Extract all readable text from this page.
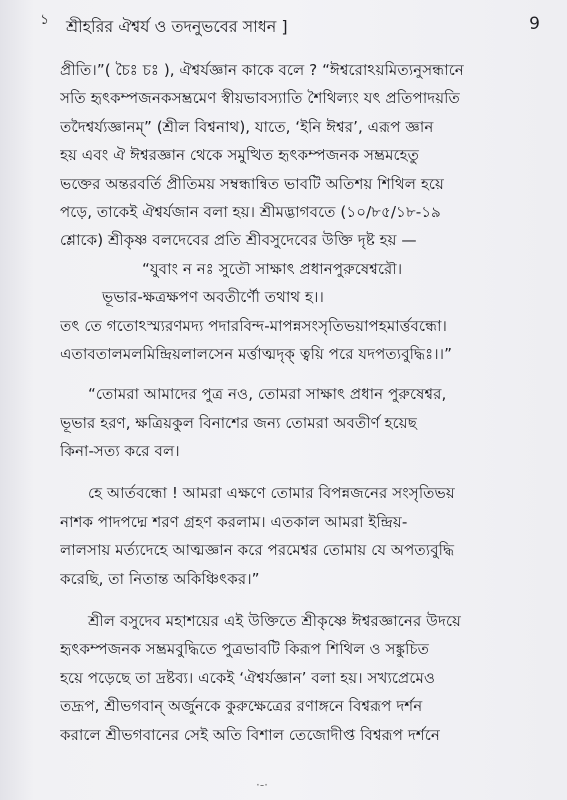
১ শ্রীহরির ঐশ্বর্য ও তদনুভবের সাধন ]	9
প্রীতি।”( চৈঃ চঃ ), ঐশ্বর্যজ্ঞান কাকে বলে ? “ঈশ্বরোঽয়মিত্যনুসন্ধানে
সতি হৃৎকম্পজনকসম্ভ্রমেণ স্বীয়ভাবস্যাতি শৈথিল্যং যৎ প্রতিপাদয়তি
তদৈশ্বর্য্যজ্ঞানম্” (শ্রীল বিশ্বনাথ), যাতে, ‘ইনি ঈশ্বর’, এরূপ জ্ঞান
হয় এবং ঐ ঈশ্বরজ্ঞান থেকে সমুত্থিত হৃৎকম্পজনক সম্ভ্রমহেতু
ভক্তের অন্তরবর্তি প্রীতিময় সম্বন্ধান্বিত ভাবটি অতিশয় শিথিল হয়ে
পড়ে, তাকেই ঐশ্বর্যজান বলা হয়। শ্রীমদ্ভাগবতে (১০/৮৫/১৮-১৯
শ্লোকে) শ্রীকৃষ্ণ বলদেবের প্রতি শ্রীবসুদেবের উক্তি দৃষ্ট হয় —
“যুবাং ন নঃ সুতৌ সাক্ষাৎ প্রধানপুরুষেশ্বরৌ।
ভূভার-ক্ষত্রক্ষপণ অবতীর্ণৌ তথাথ হ।।
তৎ তে গতোঽস্ম্যরণমদ্য পদারবিন্দ-মাপন্নসংসৃতিভয়াপহমার্ত্তবন্ধো।
এতাবতালমলমিন্দ্রিয়লালসেন মর্ত্তাত্মদৃক্ ত্বয়ি পরে যদপত্যবুদ্ধিঃ।।”
“তোমরা আমাদের পুত্র নও, তোমরা সাক্ষাৎ প্রধান পুরুষেশ্বর,
ভূভার হরণ, ক্ষত্রিয়কুল বিনাশের জন্য তোমরা অবতীর্ণ হয়েছ
কিনা-সত্য করে বল।
হে আর্তবন্ধো ! আমরা এক্ষণে তোমার বিপন্নজনের সংসৃতিভয়
নাশক পাদপদ্মে শরণ গ্রহণ করলাম। এতকাল আমরা ইন্দ্রিয়-
লালসায় মর্ত্যদেহে আত্মজ্ঞান করে পরমেশ্বর তোমায় যে অপত্যবুদ্ধি
করেছি, তা নিতান্ত অকিঞ্চিৎকর।”
শ্রীল বসুদেব মহাশয়ের এই উক্তিতে শ্রীকৃষ্ণে ঈশ্বরজ্ঞানের উদয়ে
হৃৎকম্পজনক সম্ভ্রমবুদ্ধিতে পুত্রভাবটি কিরূপ শিথিল ও সঙ্কুচিত
হয়ে পড়েছে তা দ্রষ্টব্য। একেই ‘ঐশ্বর্যজ্ঞান’ বলা হয়। সখ্যপ্রেমেও
তদ্রূপ, শ্রীভগবান্ অর্জুনকে কুরুক্ষেত্রের রণাঙ্গনে বিশ্বরূপ দর্শন
করালে শ্রীভগবানের সেই অতি বিশাল তেজোদীপ্ত বিশ্বরূপ দর্শনে
·-·
